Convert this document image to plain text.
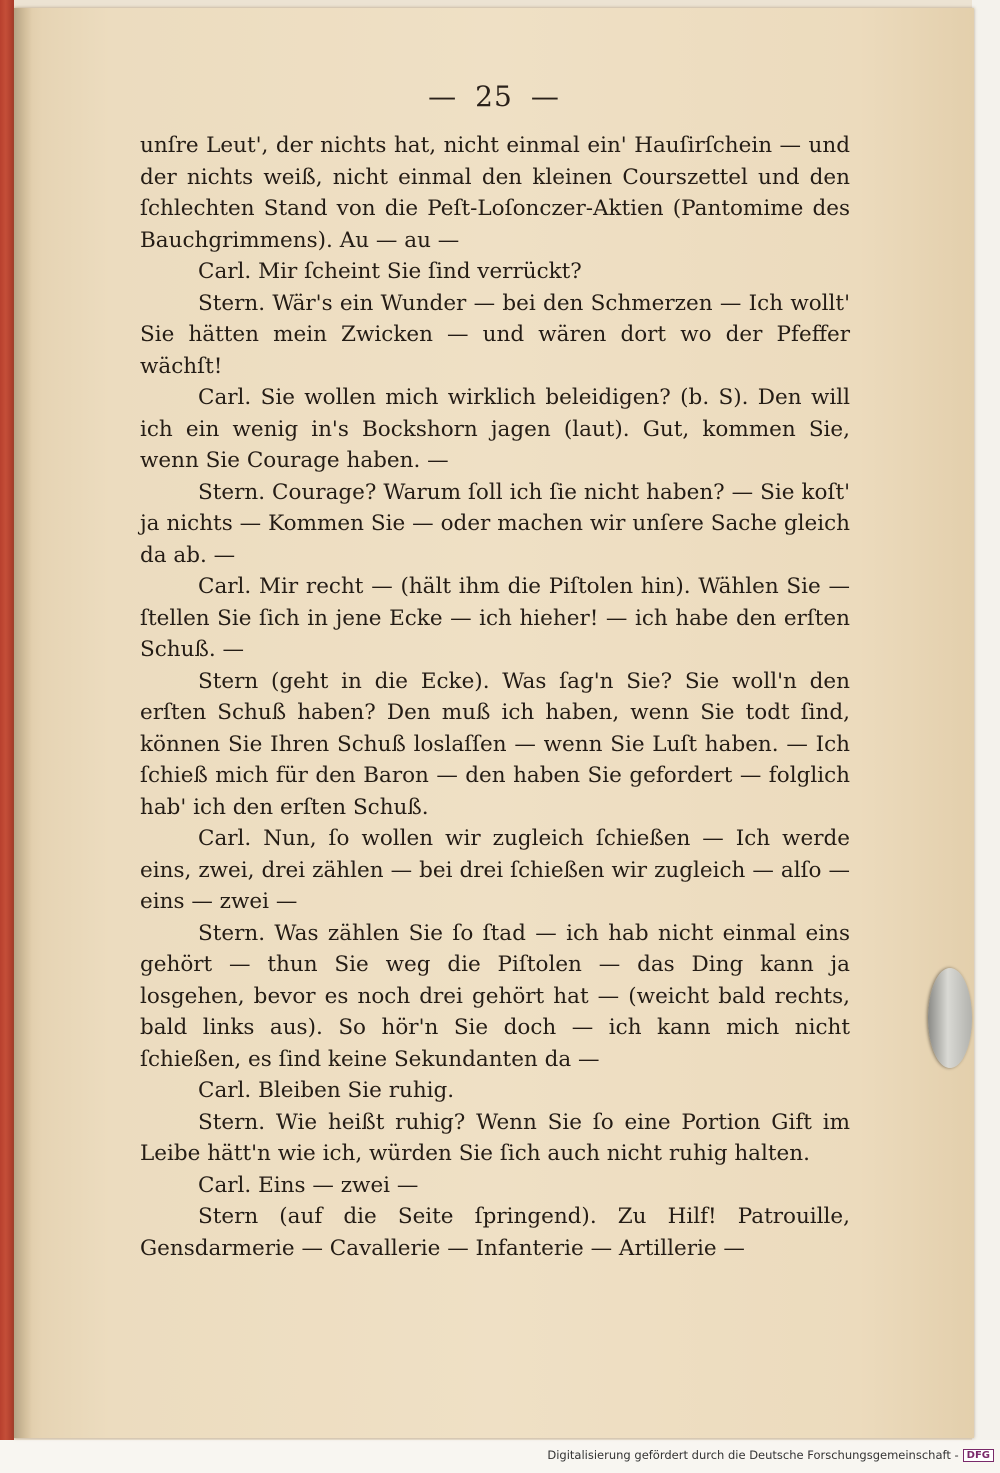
— 25 —

unſre Leut', der nichts hat, nicht einmal ein' Hauſirſchein — und der nichts weiß, nicht einmal den kleinen Courszettel und den ſchlechten Stand von die Peſt-Loſonczer-Aktien (Pantomime des Bauchgrimmens). Au — au —

Carl. Mir ſcheint Sie ſind verrückt?

Stern. Wär's ein Wunder — bei den Schmerzen — Ich wollt' Sie hätten mein Zwicken — und wären dort wo der Pfeffer wächſt!

Carl. Sie wollen mich wirklich beleidigen? (b. S). Den will ich ein wenig in's Bockshorn jagen (laut). Gut, kommen Sie, wenn Sie Courage haben. —

Stern. Courage? Warum ſoll ich ſie nicht haben? — Sie koſt' ja nichts — Kommen Sie — oder machen wir unſere Sache gleich da ab. —

Carl. Mir recht — (hält ihm die Piſtolen hin). Wählen Sie — ſtellen Sie ſich in jene Ecke — ich hieher! — ich habe den erſten Schuß. —

Stern (geht in die Ecke). Was ſag'n Sie? Sie woll'n den erſten Schuß haben? Den muß ich haben, wenn Sie todt ſind, können Sie Ihren Schuß loslaſſen — wenn Sie Luſt haben. — Ich ſchieß mich für den Baron — den haben Sie gefordert — folglich hab' ich den erſten Schuß.

Carl. Nun, ſo wollen wir zugleich ſchießen — Ich werde eins, zwei, drei zählen — bei drei ſchießen wir zugleich — alſo — eins — zwei —

Stern. Was zählen Sie ſo ſtad — ich hab nicht einmal eins gehört — thun Sie weg die Piſtolen — das Ding kann ja losgehen, bevor es noch drei gehört hat — (weicht bald rechts, bald links aus). So hör'n Sie doch — ich kann mich nicht ſchießen, es ſind keine Sekundanten da —

Carl. Bleiben Sie ruhig.

Stern. Wie heißt ruhig? Wenn Sie ſo eine Portion Gift im Leibe hätt'n wie ich, würden Sie ſich auch nicht ruhig halten.

Carl. Eins — zwei —

Stern (auf die Seite ſpringend). Zu Hilf! Patrouille, Gensdarmerie — Cavallerie — Infanterie — Artillerie —

Digitalisierung gefördert durch die Deutsche Forschungsgemeinschaft - DFG
